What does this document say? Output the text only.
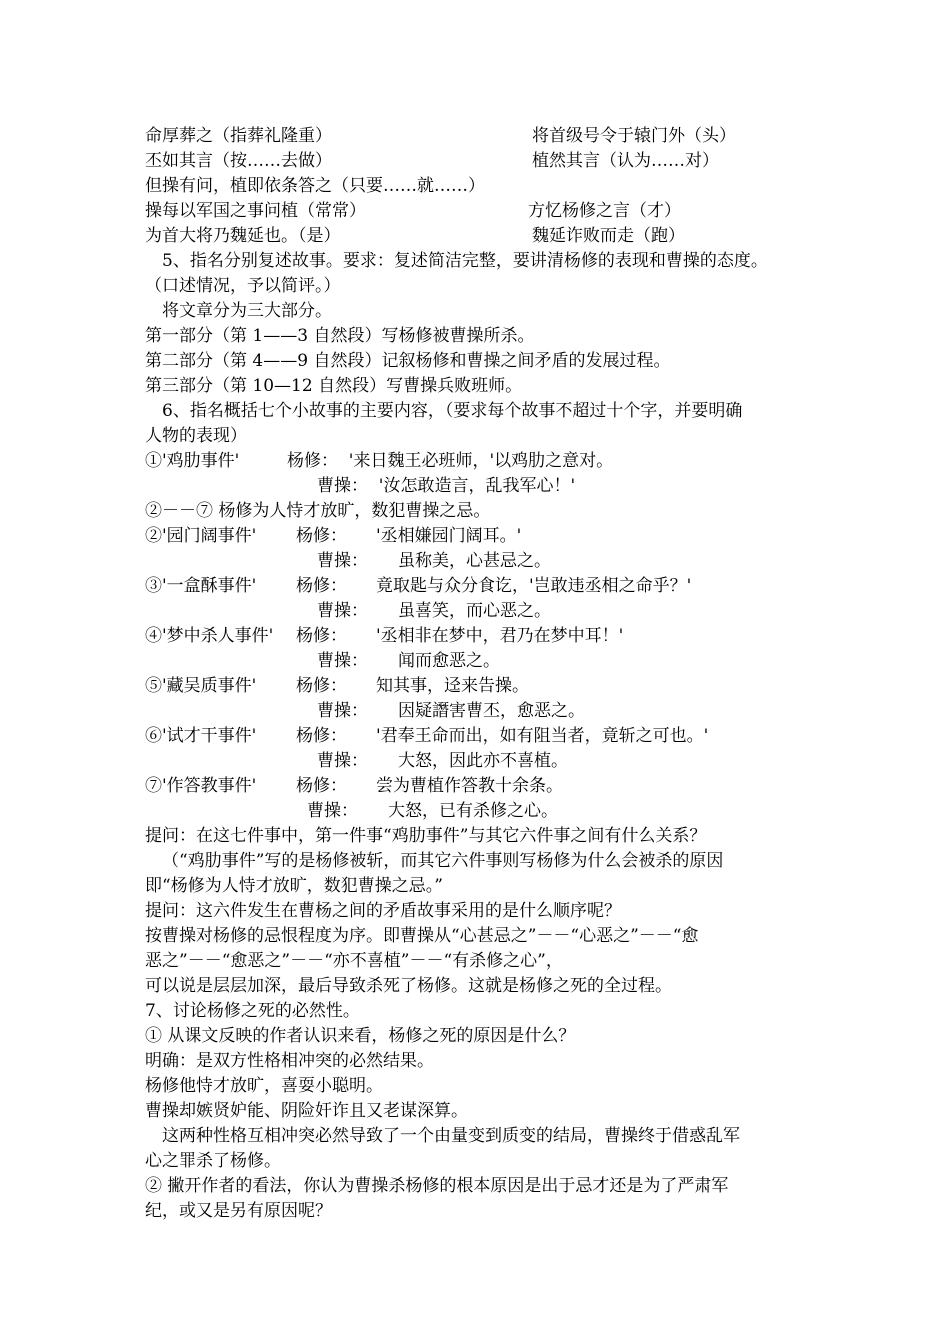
命厚葬之（指葬礼隆重）	将首级号令于辕门外（头）
丕如其言（按……去做）	植然其言（认为……对）
但操有问，植即依条答之（只要……就……）
操每以军国之事问植（常常）	方忆杨修之言（才）
为首大将乃魏延也。（是）	魏延诈败而走（跑）
5、指名分别复述故事。要求：复述简洁完整，要讲清杨修的表现和曹操的态度。
（口述情况，予以简评。）
将文章分为三大部分。
第一部分（第 1——3 自然段）写杨修被曹操所杀。
第二部分（第 4——9 自然段）记叙杨修和曹操之间矛盾的发展过程。
第三部分（第 10—12 自然段）写曹操兵败班师。
6、指名概括七个小故事的主要内容，（要求每个故事不超过十个字，并要明确
人物的表现）
①'鸡肋事件'	杨修：  '来日魏王必班师，'以鸡肋之意对。
曹操：  '汝怎敢造言，乱我军心！'
②－－⑦ 杨修为人恃才放旷，数犯曹操之忌。
②'园门阔事件' 杨修： '丞相嫌园门阔耳。'
曹操： 虽称美，心甚忌之。
③'一盒酥事件' 杨修： 竟取匙与众分食讫，'岂敢违丞相之命乎？'
曹操： 虽喜笑，而心恶之。
④'梦中杀人事件' 杨修： '丞相非在梦中，君乃在梦中耳！'
曹操： 闻而愈恶之。
⑤'藏吴质事件' 杨修： 知其事，迳来告操。
曹操： 因疑譖害曹丕，愈恶之。
⑥'试才干事件' 杨修： '君奉王命而出，如有阻当者，竟斩之可也。'
曹操： 大怒，因此亦不喜植。
⑦'作答教事件' 杨修： 尝为曹植作答教十余条。
曹操： 大怒，已有杀修之心。
提问：在这七件事中，第一件事“鸡肋事件”与其它六件事之间有什么关系？
（“鸡肋事件”写的是杨修被斩，而其它六件事则写杨修为什么会被杀的原因
即“杨修为人恃才放旷，数犯曹操之忌。”
提问：这六件发生在曹杨之间的矛盾故事采用的是什么顺序呢？
按曹操对杨修的忌恨程度为序。即曹操从“心甚忌之”－－“心恶之”－－“愈
恶之”－－“愈恶之”－－“亦不喜植”－－“有杀修之心”，
可以说是层层加深，最后导致杀死了杨修。这就是杨修之死的全过程。
7、讨论杨修之死的必然性。
① 从课文反映的作者认识来看，杨修之死的原因是什么？
明确：是双方性格相冲突的必然结果。
杨修他恃才放旷，喜耍小聪明。
曹操却嫉贤妒能、阴险奸诈且又老谋深算。
这两种性格互相冲突必然导致了一个由量变到质变的结局，曹操终于借惑乱军
心之罪杀了杨修。
② 撇开作者的看法，你认为曹操杀杨修的根本原因是出于忌才还是为了严肃军
纪，或又是另有原因呢？
